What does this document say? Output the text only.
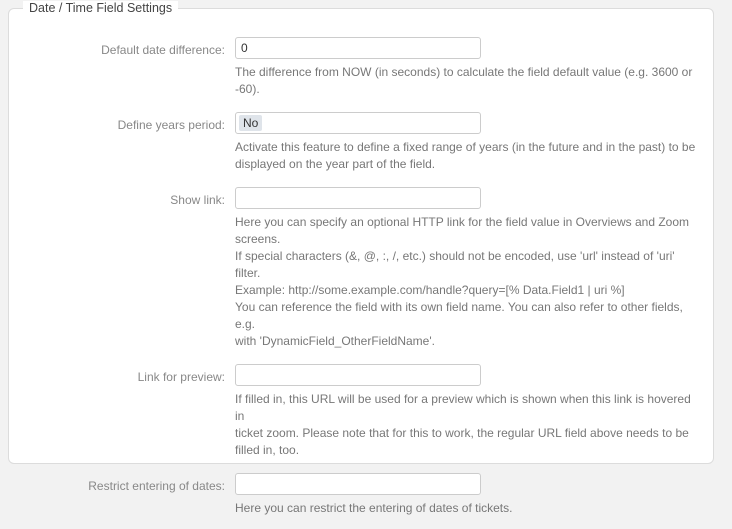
Date / Time Field Settings
Default date difference:
0
The difference from NOW (in seconds) to calculate the field default value (e.g. 3600 or
-60).
Define years period:	No
Activate this feature to define a fixed range of years (in the future and in the past) to be
displayed on the year part of the field.
Show link:
Here you can specify an optional HTTP link for the field value in Overviews and Zoom
screens.
If special characters (&, @, :, /, etc.) should not be encoded, use 'url' instead of 'uri' filter.
Example: http://some.example.com/handle?query=[% Data.Field1 | uri %]
You can reference the field with its own field name. You can also refer to other fields, e.g.
with 'DynamicField_OtherFieldName'.
Link for preview:
If filled in, this URL will be used for a preview which is shown when this link is hovered in
ticket zoom. Please note that for this to work, the regular URL field above needs to be
filled in, too.
Restrict entering of dates:
Here you can restrict the entering of dates of tickets.
